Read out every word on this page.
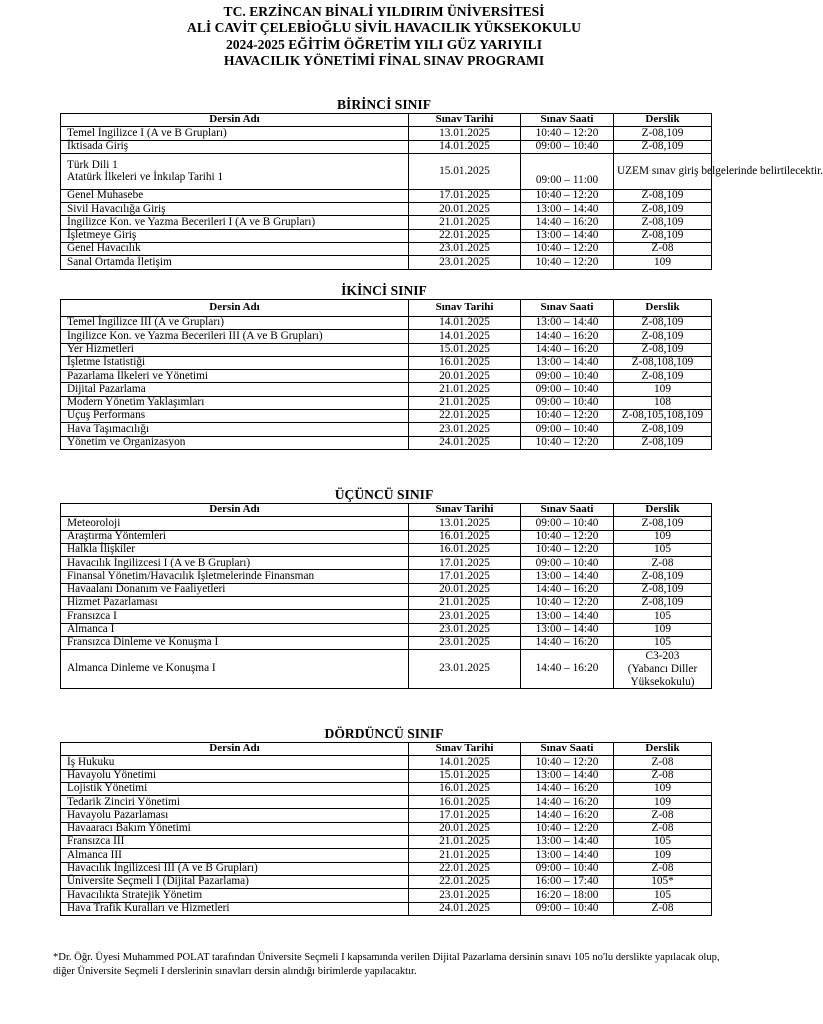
TC. ERZİNCAN BİNALİ YILDIRIM ÜNİVERSİTESİ
ALİ CAVİT ÇELEBİOĞLU SİVİL HAVACILIK YÜKSEKOKULU
2024-2025 EĞİTİM ÖĞRETİM YILI GÜZ YARIYILI
HAVACILIK YÖNETİMİ FİNAL SINAV PROGRAMI
BİRİNCİ SINIF
Dersin Adı	Sınav Tarihi	Sınav Saati	Derslik
Temel İngilizce I (A ve B Grupları)	13.01.2025	10:40 – 12:20	Z-08,109
İktisada Giriş	14.01.2025	09:00 – 10:40	Z-08,109

Türk Dili 1
Atatürk İlkeleri ve İnkılap Tarihi 1	15.01.2025	09:00 – 11:00	UZEM sınav giriş belgelerinde belirtilecektir.
Genel Muhasebe	17.01.2025	10:40 – 12:20	Z-08,109
Sivil Havacılığa Giriş	20.01.2025	13:00 – 14:40	Z-08,109
İngilizce Kon. ve Yazma Becerileri I (A ve B Grupları)	21.01.2025	14:40 – 16:20	Z-08,109
İşletmeye Giriş	22.01.2025	13:00 – 14:40	Z-08,109
Genel Havacılık	23.01.2025	10:40 – 12:20	Z-08
Sanal Ortamda İletişim	23.01.2025	10:40 – 12:20	109
İKİNCİ SINIF
Dersin Adı	Sınav Tarihi	Sınav Saati	Derslik
Temel İngilizce III (A ve Grupları)	14.01.2025	13:00 – 14:40	Z-08,109
İngilizce Kon. ve Yazma Becerileri III (A ve B Grupları)	14.01.2025	14:40 – 16:20	Z-08,109
Yer Hizmetleri	15.01.2025	14:40 – 16:20	Z-08,109
İşletme İstatistiği	16.01.2025	13:00 – 14:40	Z-08,108,109
Pazarlama İlkeleri ve Yönetimi	20.01.2025	09:00 – 10:40	Z-08,109
Dijital Pazarlama	21.01.2025	09:00 – 10:40	109
Modern Yönetim Yaklaşımları	21.01.2025	09:00 – 10:40	108
Uçuş Performans	22.01.2025	10:40 – 12:20	Z-08,105,108,109
Hava Taşımacılığı	23.01.2025	09:00 – 10:40	Z-08,109
Yönetim ve Organizasyon	24.01.2025	10:40 – 12:20	Z-08,109
ÜÇÜNCÜ SINIF
Dersin Adı	Sınav Tarihi	Sınav Saati	Derslik
Meteoroloji	13.01.2025	09:00 – 10:40	Z-08,109
Araştırma Yöntemleri	16.01.2025	10:40 – 12:20	109
Halkla İlişkiler	16.01.2025	10:40 – 12:20	105
Havacılık İngilizcesi I (A ve B Grupları)	17.01.2025	09:00 – 10:40	Z-08
Finansal Yönetim/Havacılık İşletmelerinde Finansman	17.01.2025	13:00 – 14:40	Z-08,109
Havaalanı Donanım ve Faaliyetleri	20.01.2025	14:40 – 16:20	Z-08,109
Hizmet Pazarlaması	21.01.2025	10:40 – 12:20	Z-08,109
Fransızca I	23.01.2025	13:00 – 14:40	105
Almanca I	23.01.2025	13:00 – 14:40	109
Fransızca Dinleme ve Konuşma I	23.01.2025	14:40 – 16:20	105
Almanca Dinleme ve Konuşma I	23.01.2025	14:40 – 16:20	C3-203
(Yabancı Diller
Yüksekokulu)
DÖRDÜNCÜ SINIF
Dersin Adı	Sınav Tarihi	Sınav Saati	Derslik
İş Hukuku	14.01.2025	10:40 – 12:20	Z-08
Havayolu Yönetimi	15.01.2025	13:00 – 14:40	Z-08
Lojistik Yönetimi	16.01.2025	14:40 – 16:20	109
Tedarik Zinciri Yönetimi	16.01.2025	14:40 – 16:20	109
Havayolu Pazarlaması	17.01.2025	14:40 – 16:20	Z-08
Havaaracı Bakım Yönetimi	20.01.2025	10:40 – 12:20	Z-08
Fransızca III	21.01.2025	13:00 – 14:40	105
Almanca III	21.01.2025	13:00 – 14:40	109
Havacılık İngilizcesi III (A ve B Grupları)	22.01.2025	09:00 – 10:40	Z-08
Üniversite Seçmeli I (Dijital Pazarlama)	22.01.2025	16:00 – 17:40	105*
Havacılıkta Stratejik Yönetim	23.01.2025	16:20 – 18:00	105
Hava Trafik Kuralları ve Hizmetleri	24.01.2025	09:00 – 10:40	Z-08
*Dr. Öğr. Üyesi Muhammed POLAT tarafından Üniversite Seçmeli I kapsamında verilen Dijital Pazarlama dersinin sınavı 105 no'lu derslikte yapılacak olup, diğer Üniversite Seçmeli I derslerinin sınavları dersin alındığı birimlerde yapılacaktır.
